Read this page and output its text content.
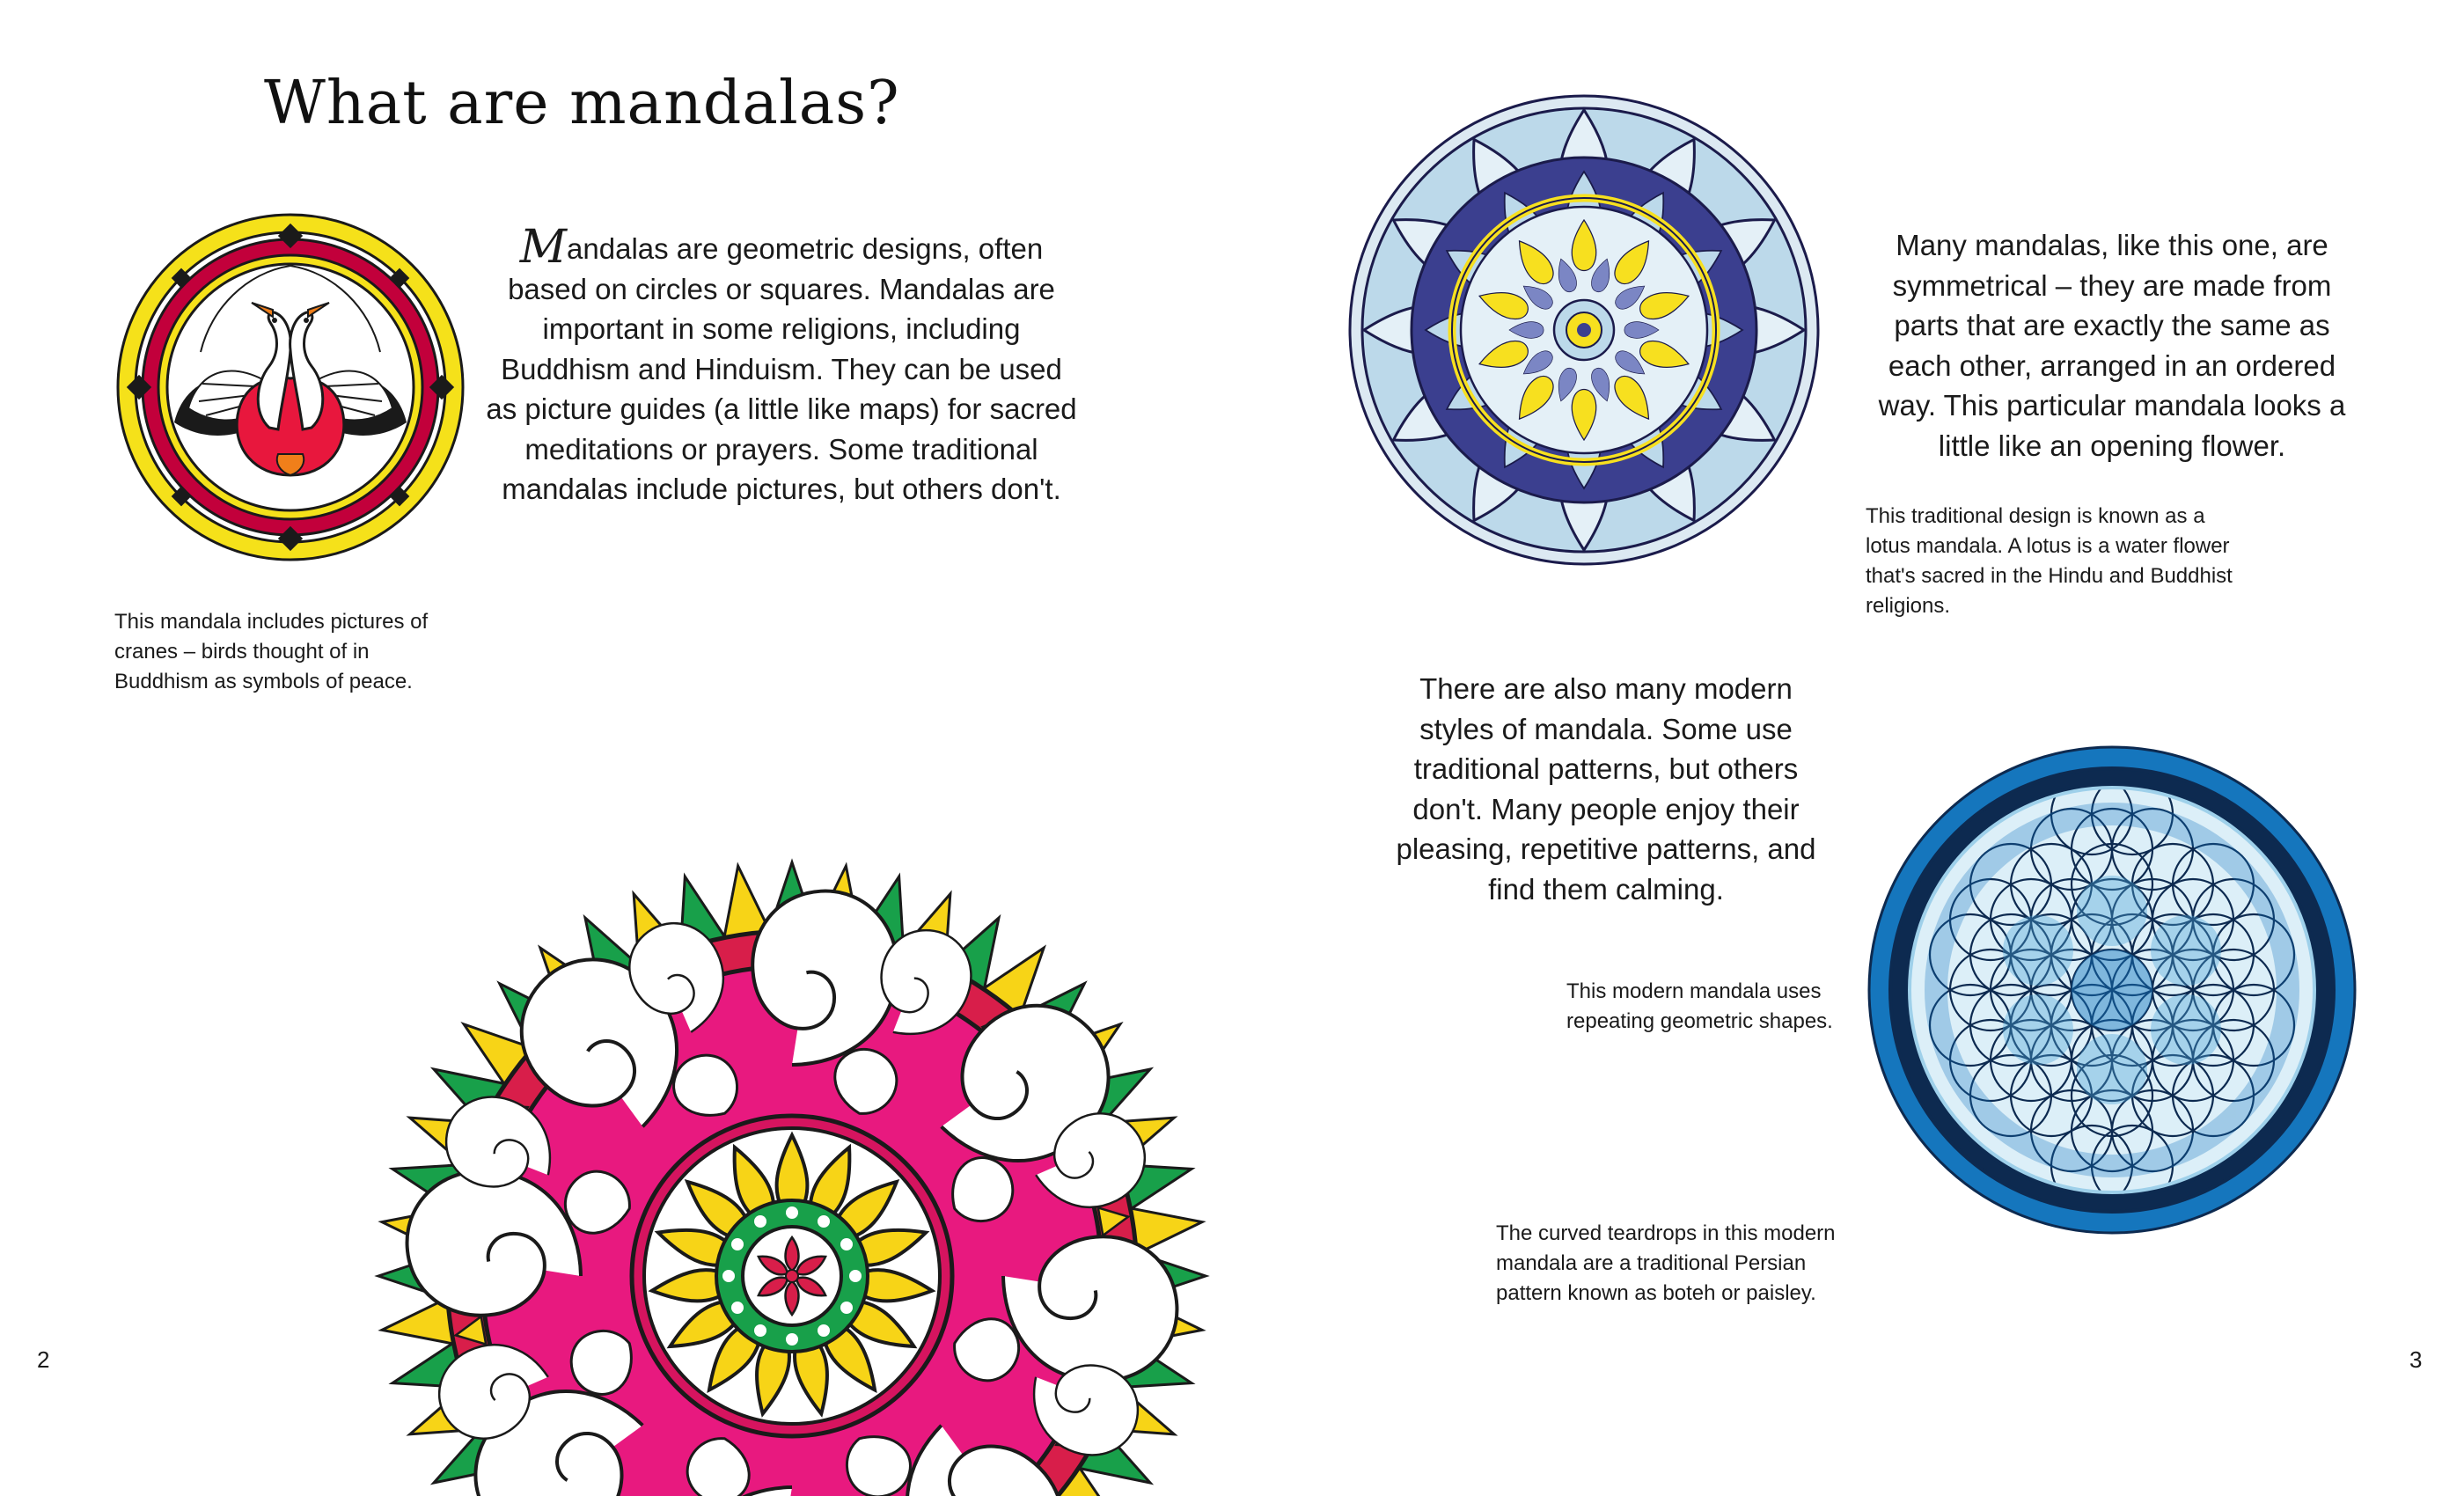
What are mandalas?
This mandala includes pictures of cranes – birds thought of in Buddhism as symbols of peace.
Mandalas are geometric designs, often based on circles or squares. Mandalas are important in some religions, including Buddhism and Hinduism. They can be used as picture guides (a little like maps) for sacred meditations or prayers. Some traditional mandalas include pictures, but others don't.
Many mandalas, like this one, are symmetrical – they are made from parts that are exactly the same as each other, arranged in an ordered way. This particular mandala looks a little like an opening flower.
This traditional design is known as a lotus mandala. A lotus is a water flower that's sacred in the Hindu and Buddhist religions.
There are also many modern styles of mandala. Some use traditional patterns, but others don't. Many people enjoy their pleasing, repetitive patterns, and find them calming.
This modern mandala uses repeating geometric shapes.
The curved teardrops in this modern mandala are a traditional Persian pattern known as boteh or paisley.
2	3
